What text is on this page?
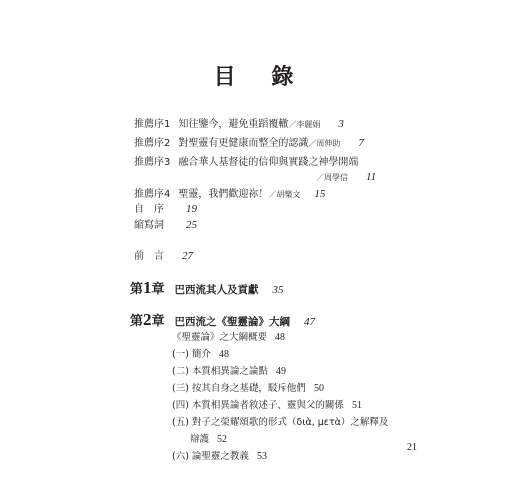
目 錄
推薦序1 知往鑒今，避免重蹈覆轍／李麗娟 3
推薦序2 對聖靈有更健康而整全的認識／周伸助 7
推薦序3 融合華人基督徒的信仰與實踐之神學開端
／周學信 11
推薦序4 聖靈，我們歡迎祢！／胡樂文 15
自　序 19
縮寫詞 25
前　言 27
第1章 巴西流其人及貢獻 35
第2章 巴西流之《聖靈論》大綱 47
《聖靈論》之大綱概要 48
(一) 簡介 48
(二) 本質相異論之論點 49
(三) 按其自身之基礎，駁斥他們 50
(四) 本質相異論者敘述子、靈與父的關係 51
(五) 對子之榮耀頌歌的形式（διὰ, μετὰ）之解釋及
辯護 52
(六) 論聖靈之教義 53
21
